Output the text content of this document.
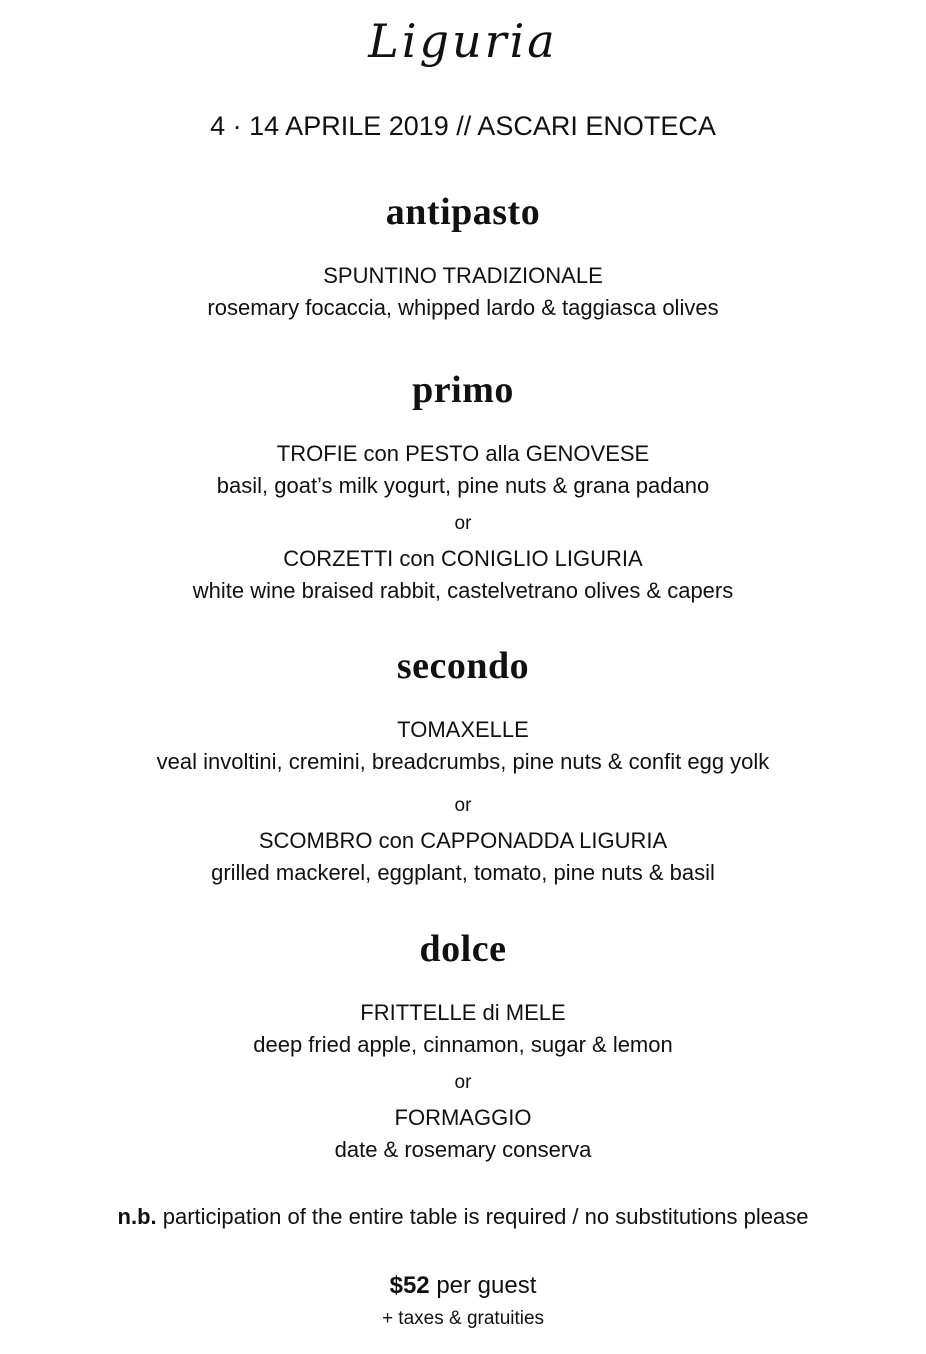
Liguria
4 · 14 APRILE 2019 // ASCARI ENOTECA
antipasto
SPUNTINO TRADIZIONALE
rosemary focaccia, whipped lardo & taggiasca olives
primo
TROFIE con PESTO alla GENOVESE
basil, goat’s milk yogurt, pine nuts & grana padano
or
CORZETTI con CONIGLIO LIGURIA
white wine braised rabbit, castelvetrano olives & capers
secondo
TOMAXELLE
veal involtini, cremini, breadcrumbs, pine nuts & confit egg yolk
or
SCOMBRO con CAPPONADDA LIGURIA
grilled mackerel, eggplant, tomato, pine nuts & basil
dolce
FRITTELLE di MELE
deep fried apple, cinnamon, sugar & lemon
or
FORMAGGIO
date & rosemary conserva
n.b. participation of the entire table is required / no substitutions please
$52 per guest
+ taxes & gratuities
